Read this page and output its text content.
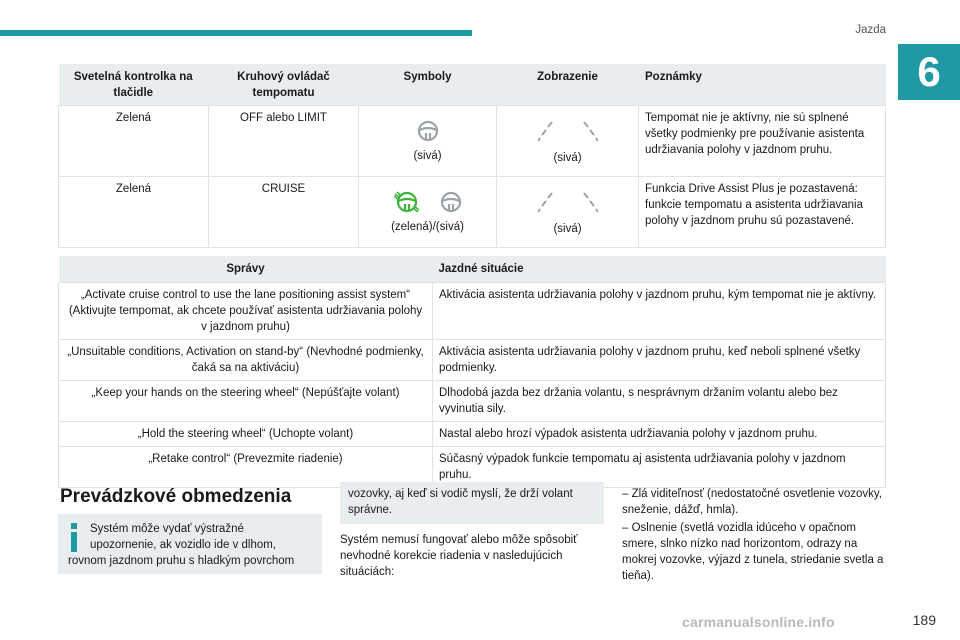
Jazda
6
Svetelná kontrolka na tlačidle	Kruhový ovládač tempomatu	Symboly	Zobrazenie	Poznámky
Zelená	OFF alebo LIMIT	(sivá)	(sivá)	Tempomat nie je aktívny, nie sú splnené všetky podmienky pre používanie asistenta udržiavania polohy v jazdnom pruhu.
Zelená	CRUISE	(zelená)/(sivá)	(sivá)	Funkcia Drive Assist Plus je pozastavená: funkcie tempomatu a asistenta udržiavania polohy v jazdnom pruhu sú pozastavené.
Správy	Jazdné situácie
„Activate cruise control to use the lane positioning assist system“ (Aktivujte tempomat, ak chcete používať asistenta udržiavania polohy v jazdnom pruhu)	Aktivácia asistenta udržiavania polohy v jazdnom pruhu, kým tempomat nie je aktívny.
„Unsuitable conditions, Activation on stand-by“ (Nevhodné podmienky, čaká sa na aktiváciu)	Aktivácia asistenta udržiavania polohy v jazdnom pruhu, keď neboli splnené všetky podmienky.
„Keep your hands on the steering wheel“ (Nepúšťajte volant)	Dlhodobá jazda bez držania volantu, s nesprávnym držaním volantu alebo bez vyvinutia sily.
„Hold the steering wheel“ (Uchopte volant)	Nastal alebo hrozí výpadok asistenta udržiavania polohy v jazdnom pruhu.
„Retake control“ (Prevezmite riadenie)	Súčasný výpadok funkcie tempomatu aj asistenta udržiavania polohy v jazdnom pruhu.
Prevádzkové obmedzenia
Systém môže vydať výstražné
upozornenie, ak vozidlo ide v dlhom,
rovnom jazdnom pruhu s hladkým povrchom
vozovky, aj keď si vodič myslí, že drží volant správne.
Systém nemusí fungovať alebo môže spôsobiť nevhodné korekcie riadenia v nasledujúcich situáciách:

– Zlá viditeľnosť (nedostatočné osvetlenie vozovky, sneženie, dážď, hmla).

– Oslnenie (svetlá vozidla idúceho v opačnom smere, slnko nízko nad horizontom, odrazy na mokrej vozovke, výjazd z tunela, striedanie svetla a tieňa).

carmanualsonline.info	189
